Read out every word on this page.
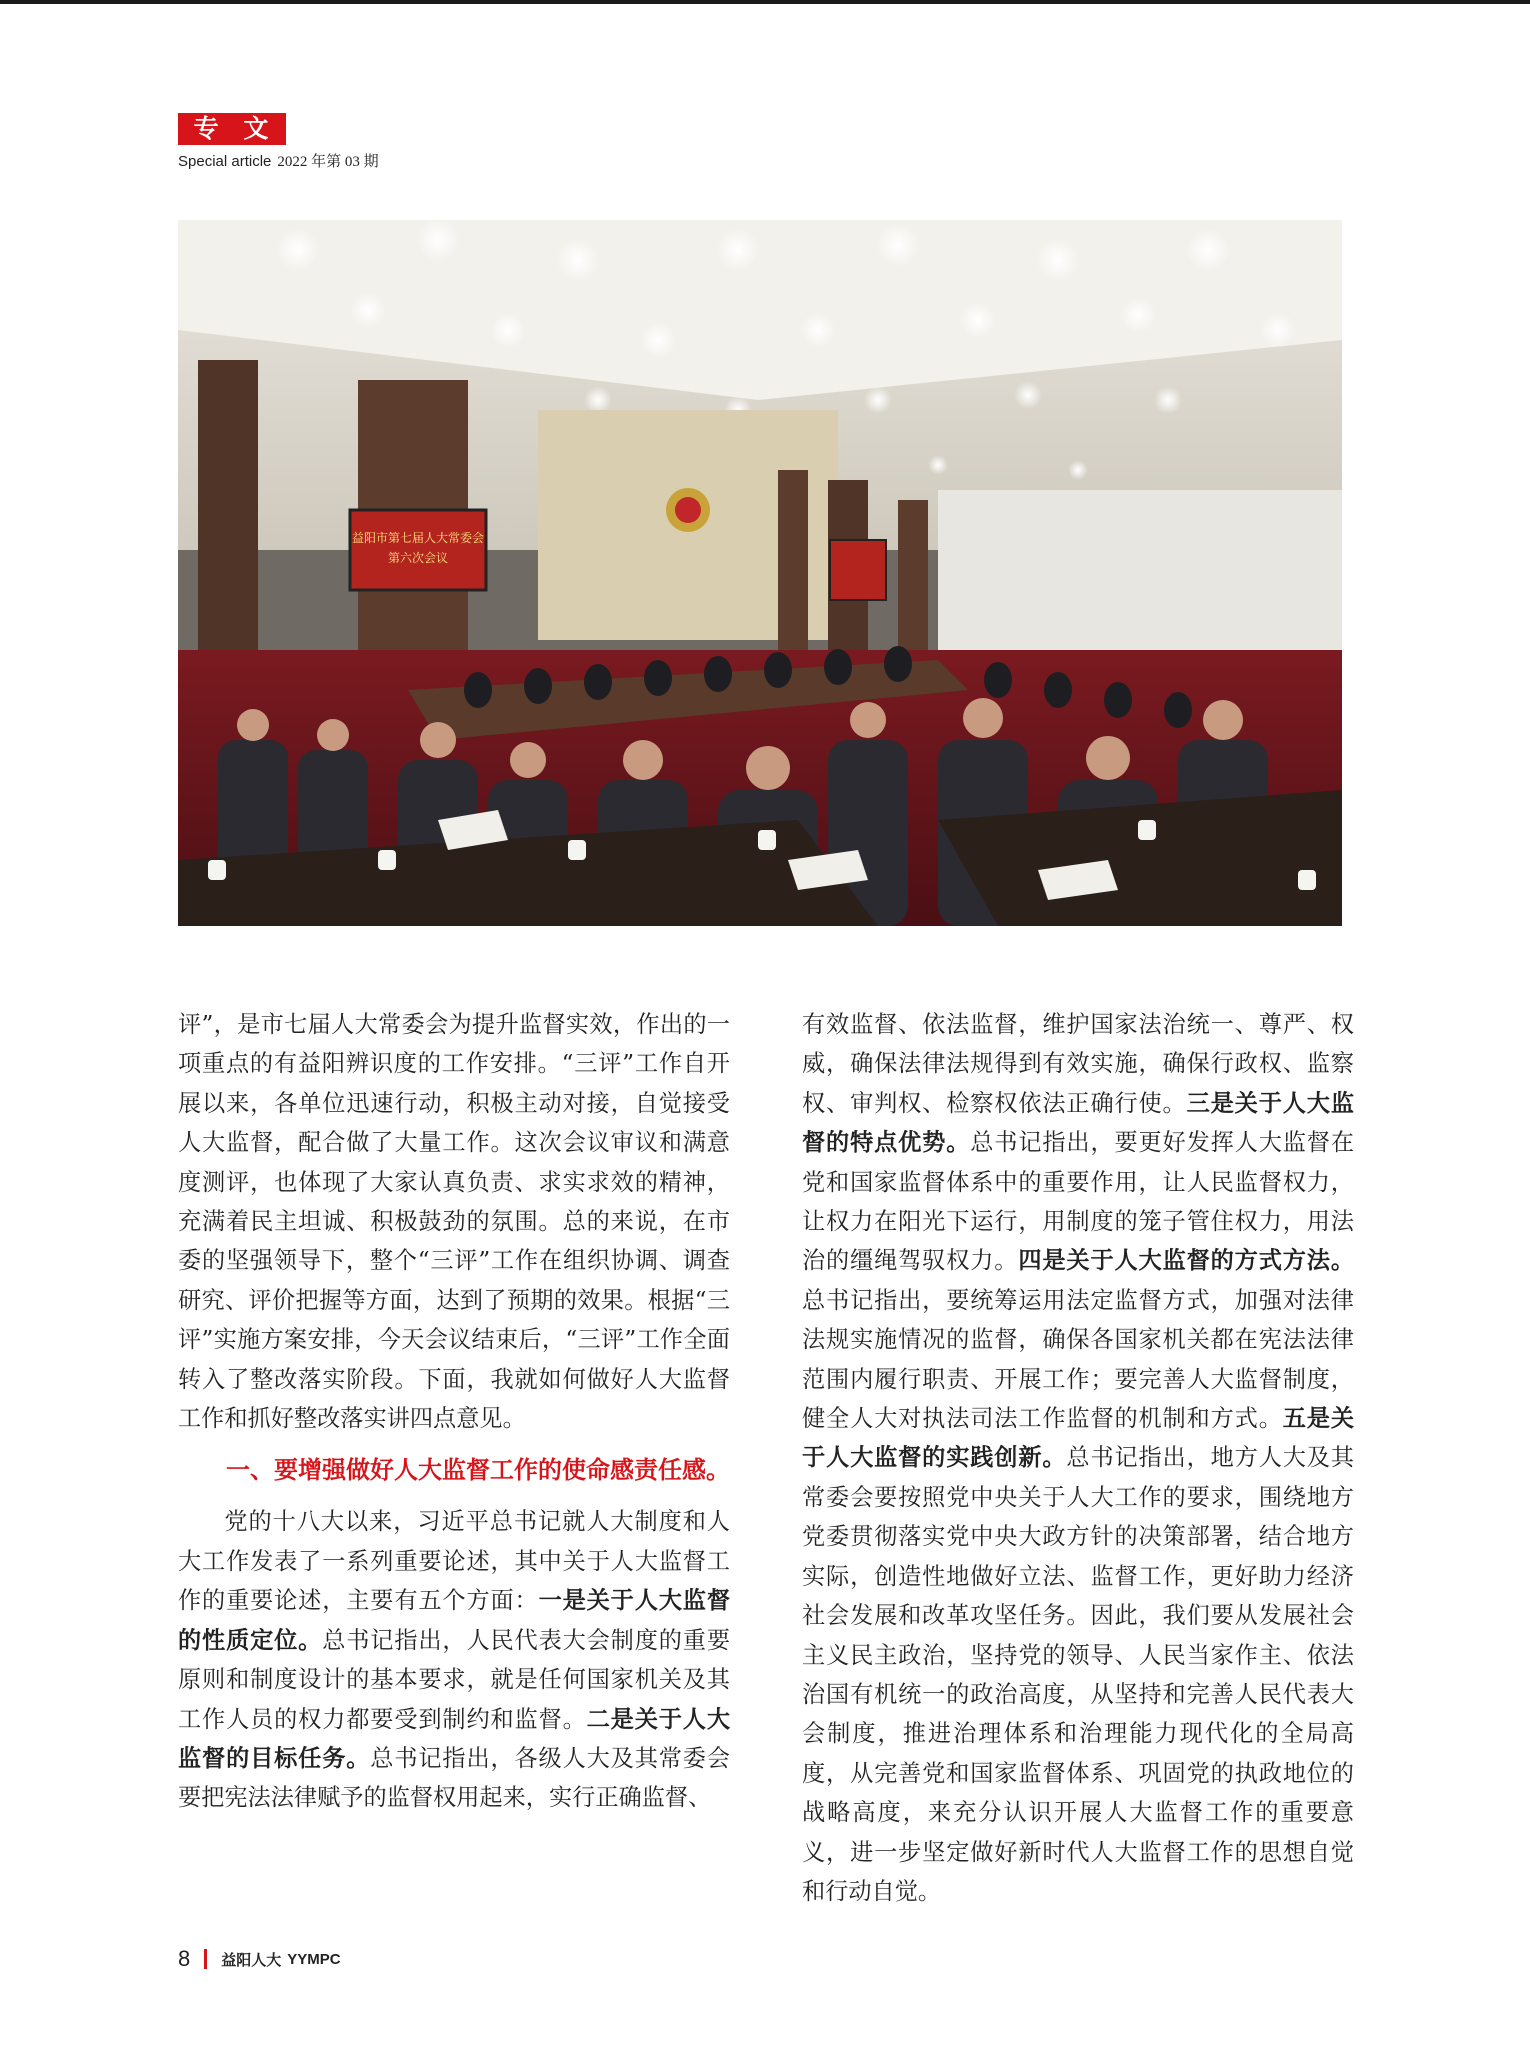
专 文
Special article 2022 年第 03 期
益阳市第七届人大常委会
第六次会议

评”，是市七届人大常委会为提升监督实效，作出的一项重点的有益阳辨识度的工作安排。“三评”工作自开展以来，各单位迅速行动，积极主动对接，自觉接受人大监督，配合做了大量工作。这次会议审议和满意度测评，也体现了大家认真负责、求实求效的精神，充满着民主坦诚、积极鼓劲的氛围。总的来说，在市委的坚强领导下，整个“三评”工作在组织协调、调查研究、评价把握等方面，达到了预期的效果。根据“三评”实施方案安排，今天会议结束后，“三评”工作全面转入了整改落实阶段。下面，我就如何做好人大监督工作和抓好整改落实讲四点意见。

一、要增强做好人大监督工作的使命感责任感。

党的十八大以来，习近平总书记就人大制度和人大工作发表了一系列重要论述，其中关于人大监督工作的重要论述，主要有五个方面：一是关于人大监督的性质定位。总书记指出，人民代表大会制度的重要原则和制度设计的基本要求，就是任何国家机关及其工作人员的权力都要受到制约和监督。二是关于人大监督的目标任务。总书记指出，各级人大及其常委会要把宪法法律赋予的监督权用起来，实行正确监督、

有效监督、依法监督，维护国家法治统一、尊严、权威，确保法律法规得到有效实施，确保行政权、监察权、审判权、检察权依法正确行使。三是关于人大监督的特点优势。总书记指出，要更好发挥人大监督在党和国家监督体系中的重要作用，让人民监督权力，让权力在阳光下运行，用制度的笼子管住权力，用法治的缰绳驾驭权力。四是关于人大监督的方式方法。总书记指出，要统筹运用法定监督方式，加强对法律法规实施情况的监督，确保各国家机关都在宪法法律范围内履行职责、开展工作；要完善人大监督制度，健全人大对执法司法工作监督的机制和方式。五是关于人大监督的实践创新。总书记指出，地方人大及其常委会要按照党中央关于人大工作的要求，围绕地方党委贯彻落实党中央大政方针的决策部署，结合地方实际，创造性地做好立法、监督工作，更好助力经济社会发展和改革攻坚任务。因此，我们要从发展社会主义民主政治，坚持党的领导、人民当家作主、依法治国有机统一的政治高度，从坚持和完善人民代表大会制度，推进治理体系和治理能力现代化的全局高度，从完善党和国家监督体系、巩固党的执政地位的战略高度，来充分认识开展人大监督工作的重要意义，进一步坚定做好新时代人大监督工作的思想自觉和行动自觉。

8 益阳人大 YYMPC
